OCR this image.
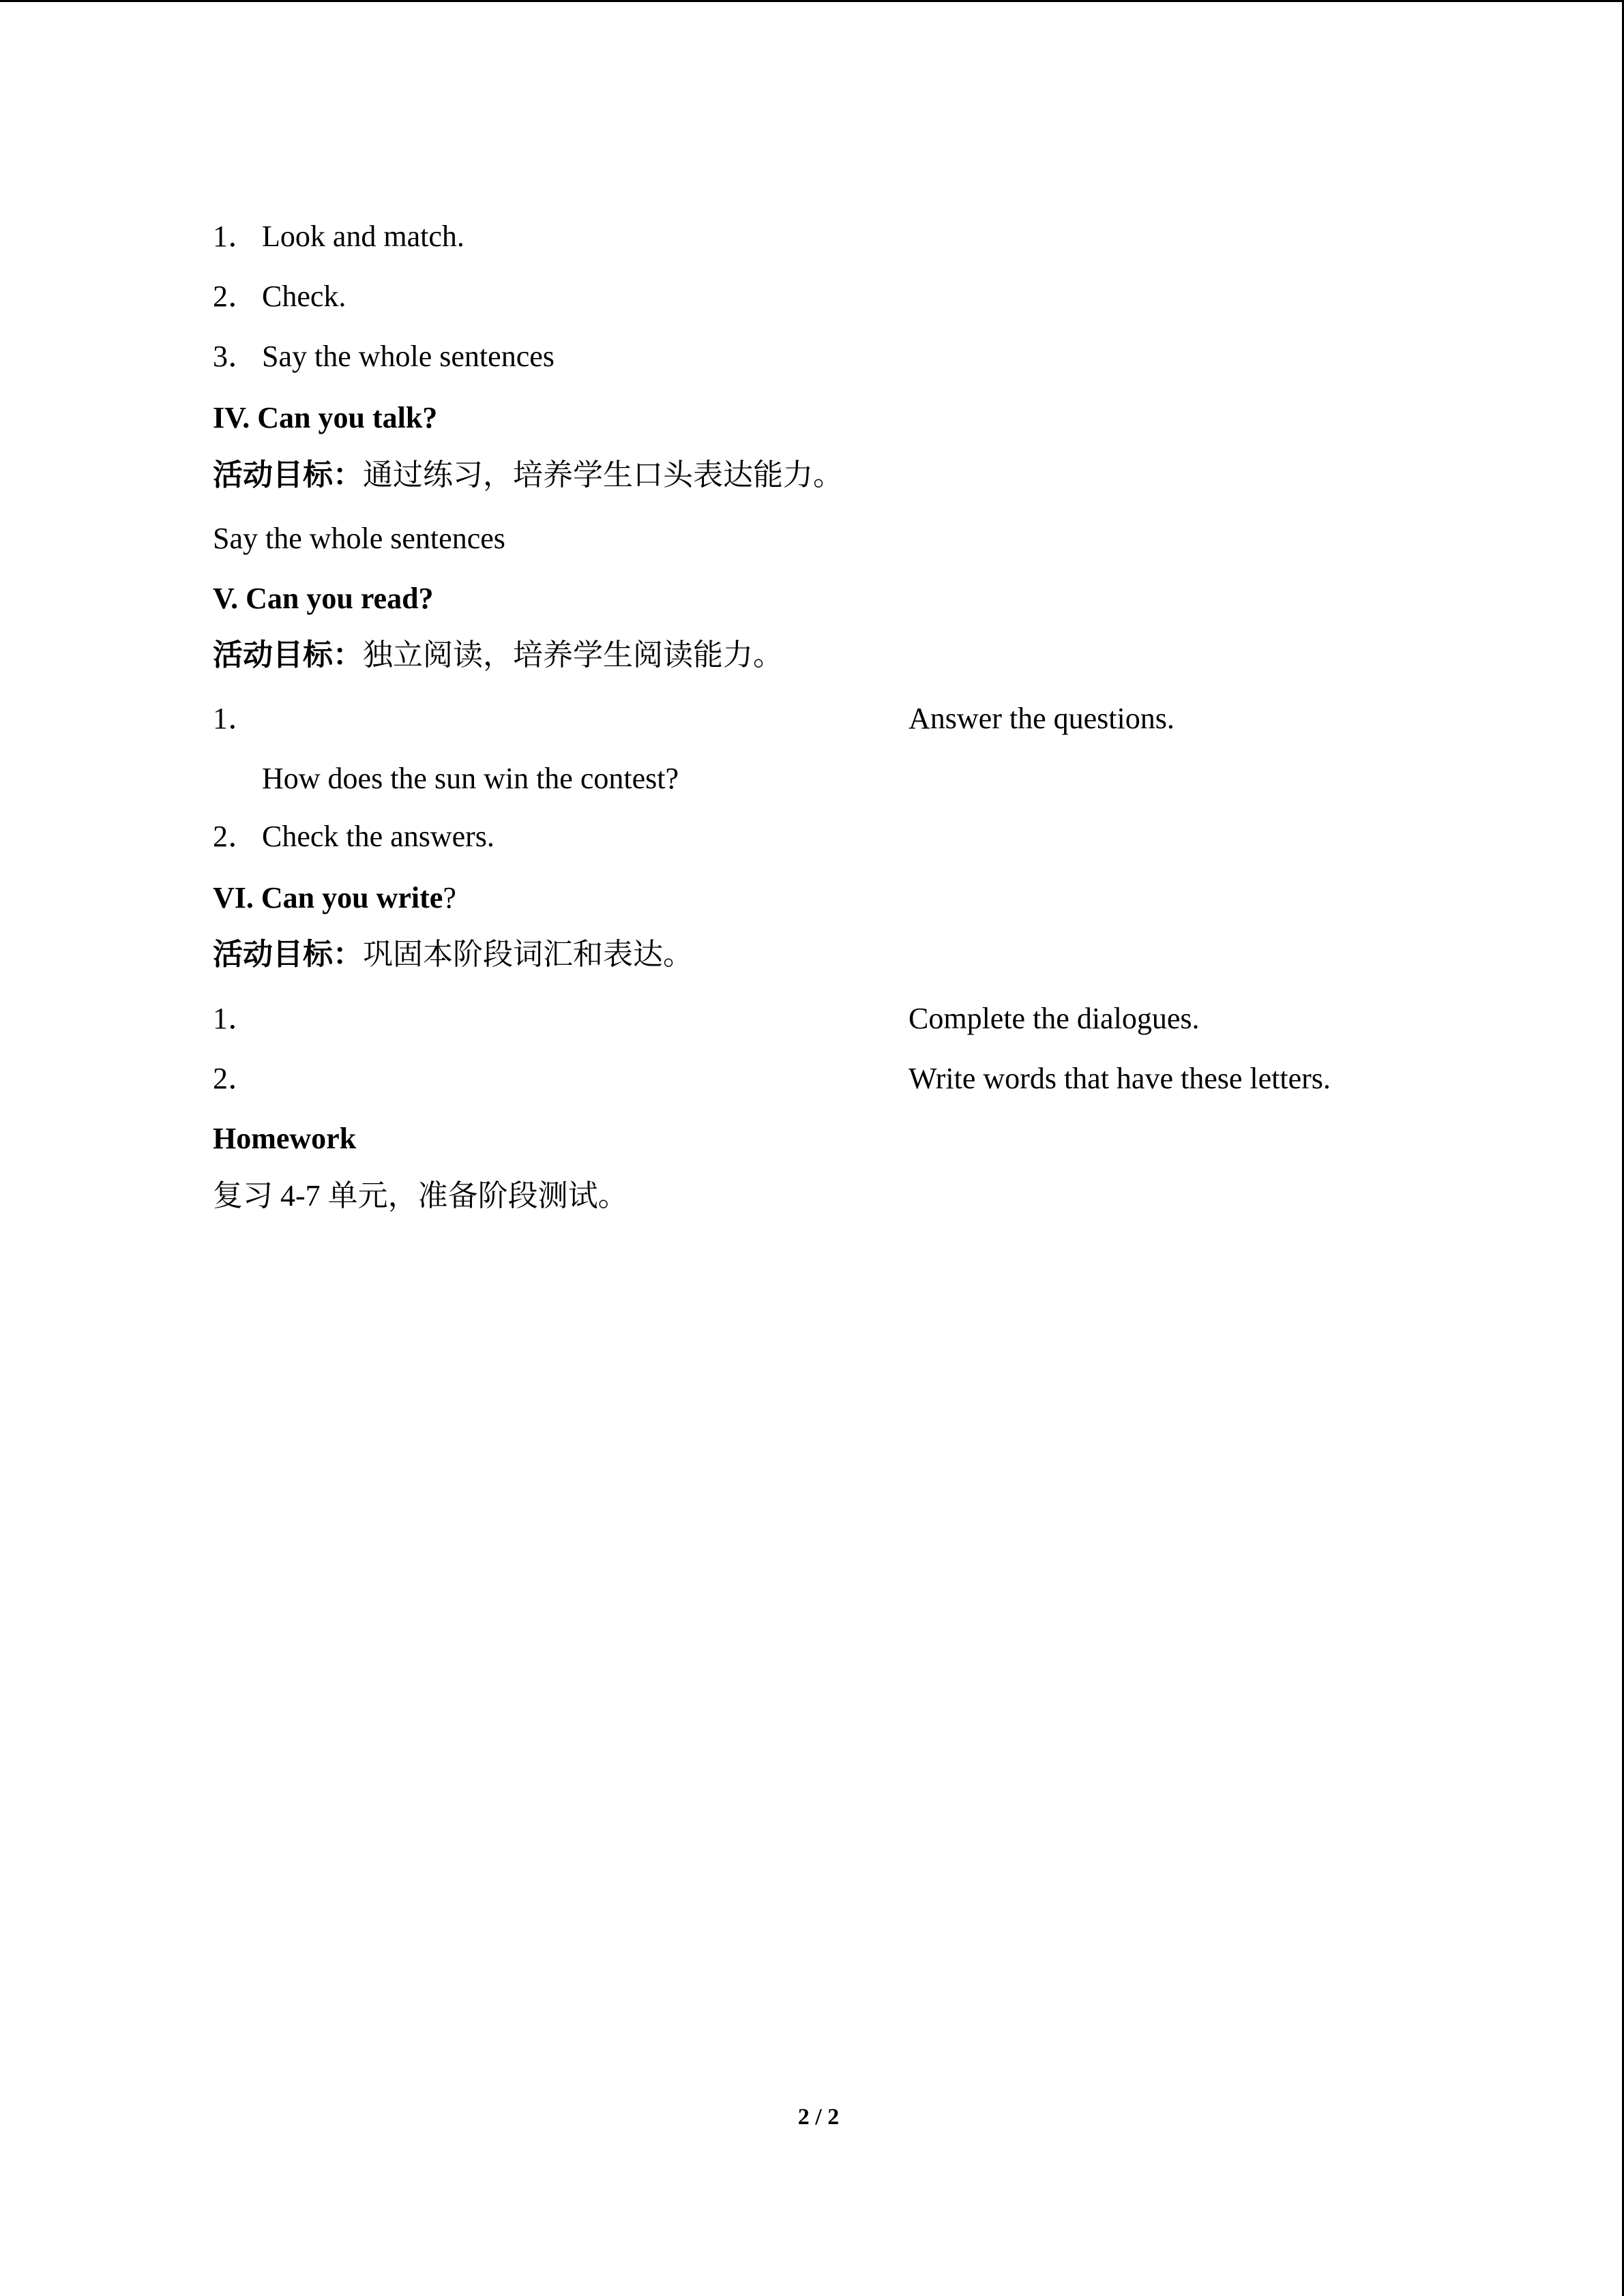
1． Look and match.
2． Check.
3． Say the whole sentences
IV. Can you talk?
活动目标：通过练习，培养学生口头表达能力。
Say the whole sentences
V. Can you read?
活动目标：独立阅读，培养学生阅读能力。
1．	Answer the questions.
How does the sun win the contest?
2． Check the answers.
VI. Can you write?
活动目标：巩固本阶段词汇和表达。
1．	Complete the dialogues.
2．	Write words that have these letters.
Homework
复习 4-7 单元，准备阶段测试。
2 / 2
